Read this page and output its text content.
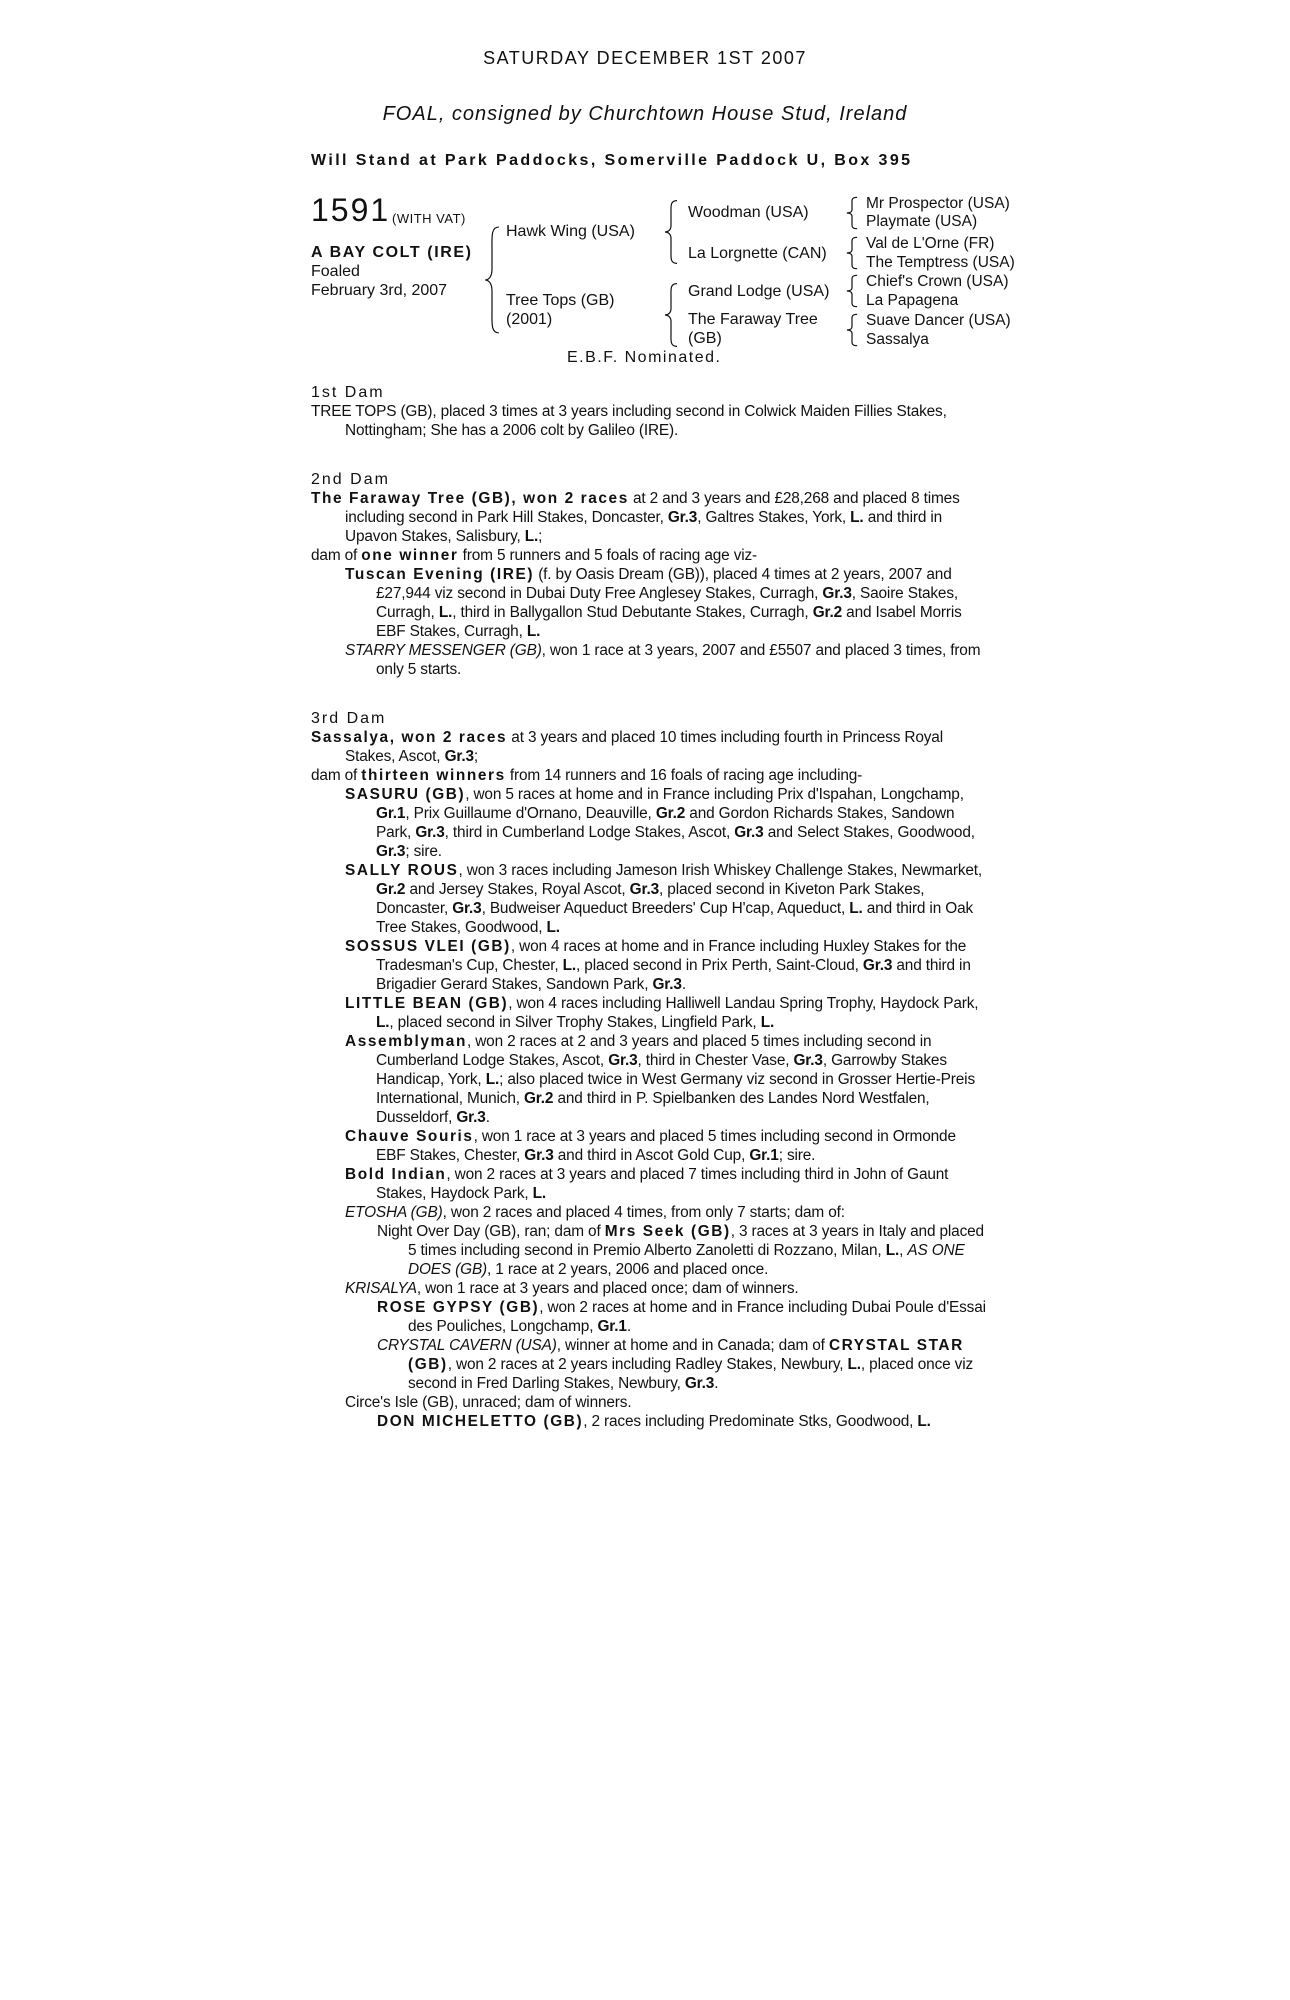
SATURDAY DECEMBER 1ST 2007
FOAL, consigned by Churchtown House Stud, Ireland
Will Stand at Park Paddocks, Somerville Paddock U, Box 395
1591 (WITH VAT)
A BAY COLT (IRE)
Foaled
February 3rd, 2007
Hawk Wing (USA)
Tree Tops (GB)
(2001)
Woodman (USA)
La Lorgnette (CAN)
Grand Lodge (USA)
The Faraway Tree
(GB)
Mr Prospector (USA)
Playmate (USA)
Val de L'Orne (FR)
The Temptress (USA)
Chief's Crown (USA)
La Papagena
Suave Dancer (USA)
Sassalya
E.B.F. Nominated.
1st Dam
TREE TOPS (GB), placed 3 times at 3 years including second in Colwick Maiden Fillies Stakes, Nottingham; She has a 2006 colt by Galileo (IRE).
2nd Dam
The Faraway Tree (GB), won 2 races at 2 and 3 years and £28,268 and placed 8 times including second in Park Hill Stakes, Doncaster, Gr.3, Galtres Stakes, York, L. and third in Upavon Stakes, Salisbury, L.;
dam of one winner from 5 runners and 5 foals of racing age viz-
Tuscan Evening (IRE) (f. by Oasis Dream (GB)), placed 4 times at 2 years, 2007 and £27,944 viz second in Dubai Duty Free Anglesey Stakes, Curragh, Gr.3, Saoire Stakes, Curragh, L., third in Ballygallon Stud Debutante Stakes, Curragh, Gr.2 and Isabel Morris EBF Stakes, Curragh, L.
STARRY MESSENGER (GB), won 1 race at 3 years, 2007 and £5507 and placed 3 times, from only 5 starts.
3rd Dam
Sassalya, won 2 races at 3 years and placed 10 times including fourth in Princess Royal Stakes, Ascot, Gr.3;
dam of thirteen winners from 14 runners and 16 foals of racing age including-
SASURU (GB), won 5 races at home and in France including Prix d'Ispahan, Longchamp, Gr.1, Prix Guillaume d'Ornano, Deauville, Gr.2 and Gordon Richards Stakes, Sandown Park, Gr.3, third in Cumberland Lodge Stakes, Ascot, Gr.3 and Select Stakes, Goodwood, Gr.3; sire.
SALLY ROUS, won 3 races including Jameson Irish Whiskey Challenge Stakes, Newmarket, Gr.2 and Jersey Stakes, Royal Ascot, Gr.3, placed second in Kiveton Park Stakes, Doncaster, Gr.3, Budweiser Aqueduct Breeders' Cup H'cap, Aqueduct, L. and third in Oak Tree Stakes, Goodwood, L.
SOSSUS VLEI (GB), won 4 races at home and in France including Huxley Stakes for the Tradesman's Cup, Chester, L., placed second in Prix Perth, Saint-Cloud, Gr.3 and third in Brigadier Gerard Stakes, Sandown Park, Gr.3.
LITTLE BEAN (GB), won 4 races including Halliwell Landau Spring Trophy, Haydock Park, L., placed second in Silver Trophy Stakes, Lingfield Park, L.
Assemblyman, won 2 races at 2 and 3 years and placed 5 times including second in Cumberland Lodge Stakes, Ascot, Gr.3, third in Chester Vase, Gr.3, Garrowby Stakes Handicap, York, L.; also placed twice in West Germany viz second in Grosser Hertie-Preis International, Munich, Gr.2 and third in P. Spielbanken des Landes Nord Westfalen, Dusseldorf, Gr.3.
Chauve Souris, won 1 race at 3 years and placed 5 times including second in Ormonde EBF Stakes, Chester, Gr.3 and third in Ascot Gold Cup, Gr.1; sire.
Bold Indian, won 2 races at 3 years and placed 7 times including third in John of Gaunt Stakes, Haydock Park, L.
ETOSHA (GB), won 2 races and placed 4 times, from only 7 starts; dam of:
Night Over Day (GB), ran; dam of Mrs Seek (GB), 3 races at 3 years in Italy and placed 5 times including second in Premio Alberto Zanoletti di Rozzano, Milan, L., AS ONE DOES (GB), 1 race at 2 years, 2006 and placed once.
KRISALYA, won 1 race at 3 years and placed once; dam of winners.
ROSE GYPSY (GB), won 2 races at home and in France including Dubai Poule d'Essai des Pouliches, Longchamp, Gr.1.
CRYSTAL CAVERN (USA), winner at home and in Canada; dam of CRYSTAL STAR (GB), won 2 races at 2 years including Radley Stakes, Newbury, L., placed once viz second in Fred Darling Stakes, Newbury, Gr.3.
Circe's Isle (GB), unraced; dam of winners.
DON MICHELETTO (GB), 2 races including Predominate Stks, Goodwood, L.
